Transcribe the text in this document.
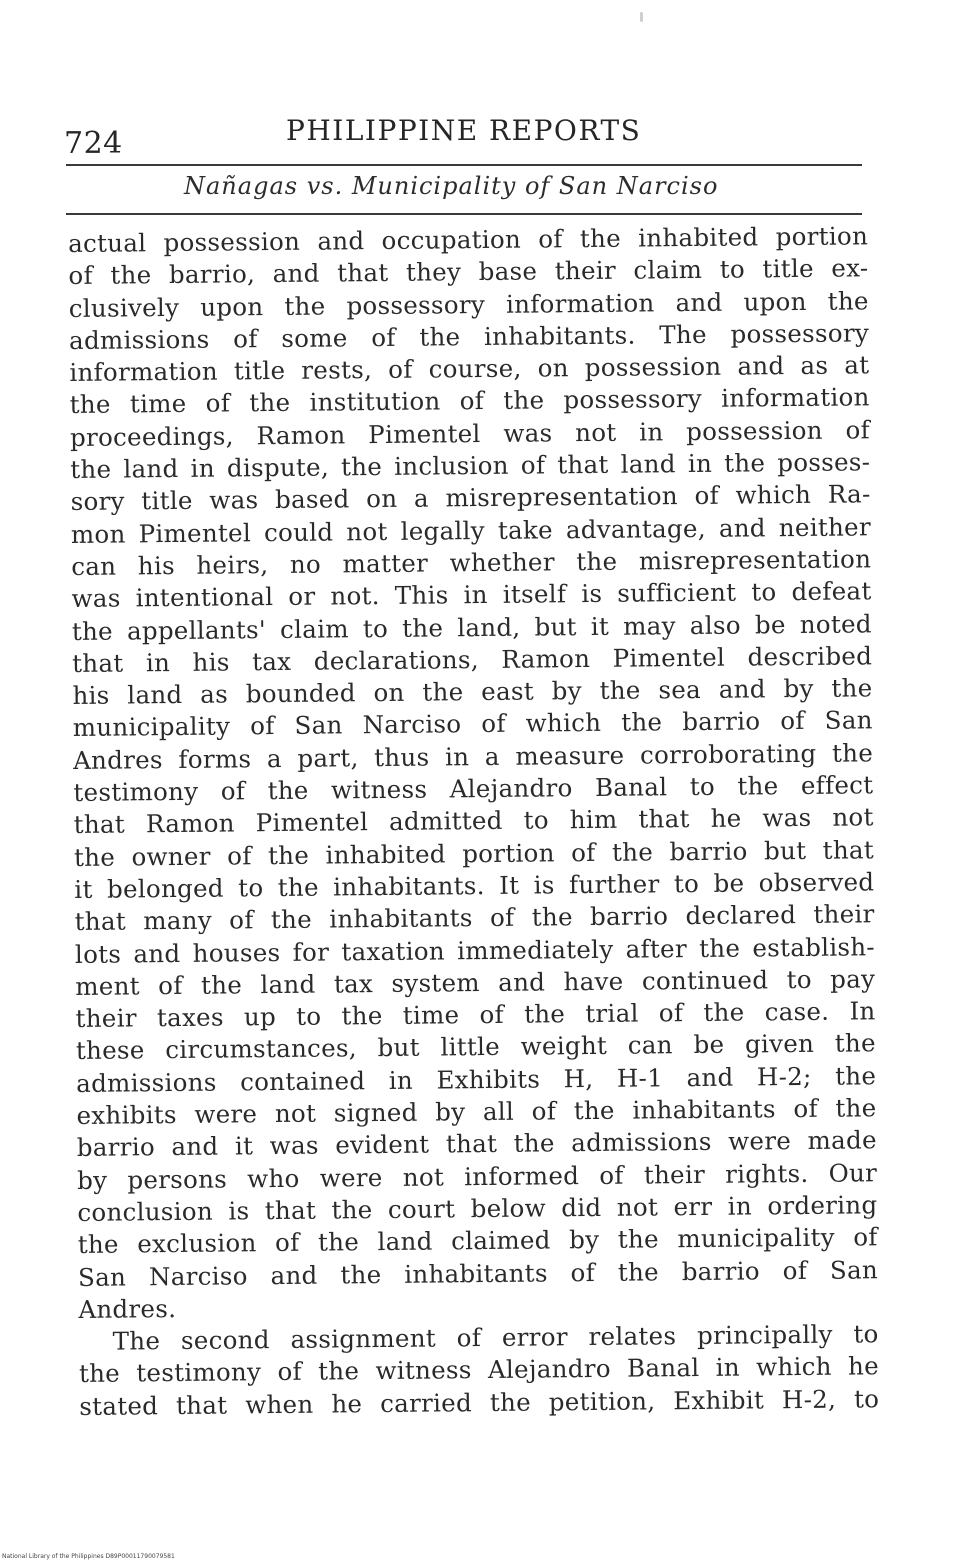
724	PHILIPPINE REPORTS
Nañagas vs. Municipality of San Narciso
actual possession and occupation of the inhabited portion
of the barrio, and that they base their claim to title ex-
clusively upon the possessory information and upon the
admissions of some of the inhabitants. The possessory
information title rests, of course, on possession and as at
the time of the institution of the possessory information
proceedings, Ramon Pimentel was not in possession of
the land in dispute, the inclusion of that land in the posses-
sory title was based on a misrepresentation of which Ra-
mon Pimentel could not legally take advantage, and neither
can his heirs, no matter whether the misrepresentation
was intentional or not. This in itself is sufficient to defeat
the appellants' claim to the land, but it may also be noted
that in his tax declarations, Ramon Pimentel described
his land as bounded on the east by the sea and by the
municipality of San Narciso of which the barrio of San
Andres forms a part, thus in a measure corroborating the
testimony of the witness Alejandro Banal to the effect
that Ramon Pimentel admitted to him that he was not
the owner of the inhabited portion of the barrio but that
it belonged to the inhabitants. It is further to be observed
that many of the inhabitants of the barrio declared their
lots and houses for taxation immediately after the establish-
ment of the land tax system and have continued to pay
their taxes up to the time of the trial of the case. In
these circumstances, but little weight can be given the
admissions contained in Exhibits H, H-1 and H-2; the
exhibits were not signed by all of the inhabitants of the
barrio and it was evident that the admissions were made
by persons who were not informed of their rights. Our
conclusion is that the court below did not err in ordering
the exclusion of the land claimed by the municipality of
San Narciso and the inhabitants of the barrio of San
Andres.
The second assignment of error relates principally to
the testimony of the witness Alejandro Banal in which he
stated that when he carried the petition, Exhibit H-2, to
National Library of the Philippines D89P00011790079581
